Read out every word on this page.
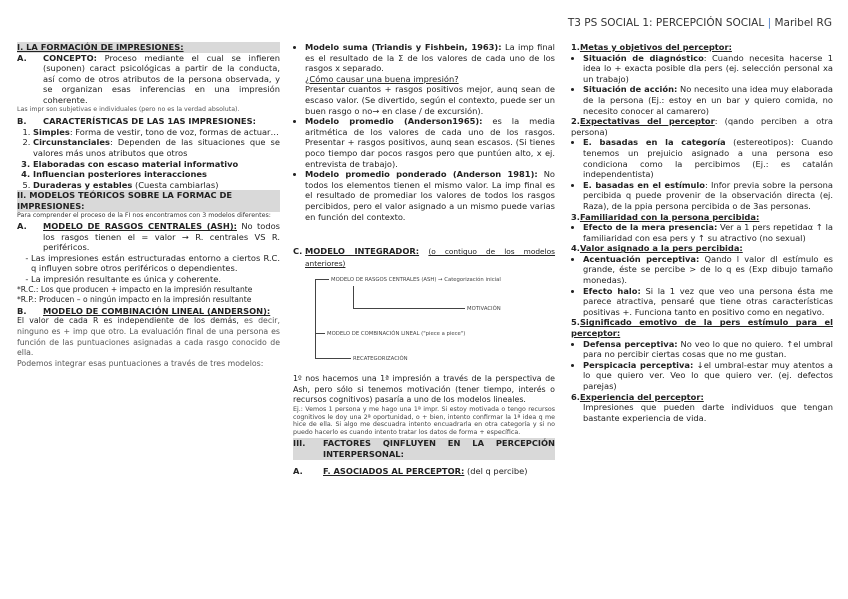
T3 PS SOCIAL 1: PERCEPCIÓN SOCIAL | Maribel RG

I. LA FORMACIÓN DE IMPRESIONES:

A.	CONCEPTO: Proceso mediante el cual se infieren (suponen) caract psicológicas a partir de la conducta, así como de otros atributos de la persona observada, y se organizan esas inferencias en una impresión coherente.

Las impr son subjetivas e individuales (pero no es la verdad absoluta).

B.	CARACTERÍSTICAS DE LAS 1AS IMPRESIONES:

1. Simples: Forma de vestir, tono de voz, formas de actuar…
2. Circunstanciales: Dependen de las situaciones que se valores más unos atributos que otros
3. Elaboradas con escaso material informativo
4. Influencian posteriores interacciones
5. Duraderas y estables (Cuesta cambiarlas)

II. MODELOS TEÓRICOS SOBRE LA FORMAC DE IMPRESIONES:

Para comprender el proceso de la FI nos encontramos con 3 modelos diferentes:

A.	MODELO DE RASGOS CENTRALES (ASH): No todos los rasgos tienen el = valor → R. centrales VS R. periféricos.

- Las impresiones están estructuradas entorno a ciertos R.C. q influyen sobre otros periféricos o dependientes.
- La impresión resultante es única y coherente.

*R.C.: Los que producen + impacto en la impresión resultante

*R.P.: Producen – o ningún impacto en la impresión resultante

B.	MODELO DE COMBINACIÓN LINEAL (ANDERSON):

El valor de cada R es independiente de los demás, es decir, ninguno es + imp que otro. La evaluación final de una persona es función de las puntuaciones asignadas a cada rasgo conocido de ella.

Podemos integrar esas puntuaciones a través de tres modelos:

• Modelo suma (Triandis y Fishbein, 1963): La imp final es el resultado de la Σ de los valores de cada uno de los rasgos x separado.
¿Cómo causar una buena impresión?
Presentar cuantos + rasgos positivos mejor, aunq sean de escaso valor. (Se divertido, según el contexto, puede ser un buen rasgo o no→ en clase / de excursión).
• Modelo promedio (Anderson1965): es la media aritmética de los valores de cada uno de los rasgos. Presentar + rasgos positivos, aunq sean escasos. (Si tienes poco tiempo dar pocos rasgos pero que puntúen alto, x ej. entrevista de trabajo).
• Modelo promedio ponderado (Anderson 1981): No todos los elementos tienen el mismo valor. La imp final es el resultado de promediar los valores de todos los rasgos percibidos, pero el valor asignado a un mismo puede varias en función del contexto.
C. MODELO INTEGRADOR: (o contiguo de los modelos anteriores)

MODELO DE RASGOS CENTRALES (ASH) → Categorización inicial
MOTIVACIÓN
MODELO DE COMBINACIÓN LINEAL ("piece a piece")
RECATEGORIZACIÓN

1º nos hacemos una 1ª impresión a través de la perspectiva de Ash, pero sólo si tenemos motivación (tener tiempo, interés o recursos cognitivos) pasaría a uno de los modelos lineales.

Ej.: Vemos 1 persona y me hago una 1ª impr. Si estoy motivada o tengo recursos cognitivos le doy una 2ª oportunidad, o + bien, intento confirmar la 1ª idea q me hice de ella. Si algo me descuadra intento encuadrarla en otra categoría y si no puedo hacerlo es cuando intento tratar los datos de forma + específica.

III.	FACTORES QINFLUYEN EN LA PERCEPCIÓN INTERPERSONAL:

A.	F. ASOCIADOS AL PERCEPTOR: (del q percibe)

1.Metas y objetivos del perceptor:

• Situación de diagnóstico: Cuando necesita hacerse 1 idea lo + exacta posible dla pers (ej. selección personal xa un trabajo)
• Situación de acción: No necesito una idea muy elaborada de la persona (Ej.: estoy en un bar y quiero comida, no necesito conocer al camarero)

2.Expectativas del perceptor: (qando perciben a otra persona)

• E. basadas en la categoría (estereotipos): Cuando tenemos un prejuicio asignado a una persona eso condiciona como la percibimos (Ej.: es catalán independentista)
• E. basadas en el estímulo: Infor previa sobre la persona percibida q puede provenir de la observación directa (ej. Raza), de la ppia persona percibida o de 3as personas.

3.Familiaridad con la persona percibida:

• Efecto de la mera presencia: Ver a 1 pers repetidaα ↑ la familiaridad con esa pers y ↑ su atractivo (no sexual)

4.Valor asignado a la pers percibida:

• Acentuación perceptiva: Qando l valor dl estímulo es grande, éste se percibe > de lo q es (Exp dibujo tamaño monedas).
• Efecto halo: Si la 1 vez que veo una persona ésta me parece atractiva, pensaré que tiene otras características positivas +. Funciona tanto en positivo como en negativo.

5.Significado emotivo de la pers estímulo para el perceptor:

• Defensa perceptiva: No veo lo que no quiero. ↑el umbral para no percibir ciertas cosas que no me gustan.
• Perspicacia perceptiva: ↓el umbral-estar muy atentos a lo que quiero ver. Veo lo que quiero ver. (ej. defectos parejas)

6.Experiencia del perceptor:

Impresiones que pueden darte individuos que tengan bastante experiencia de vida.
